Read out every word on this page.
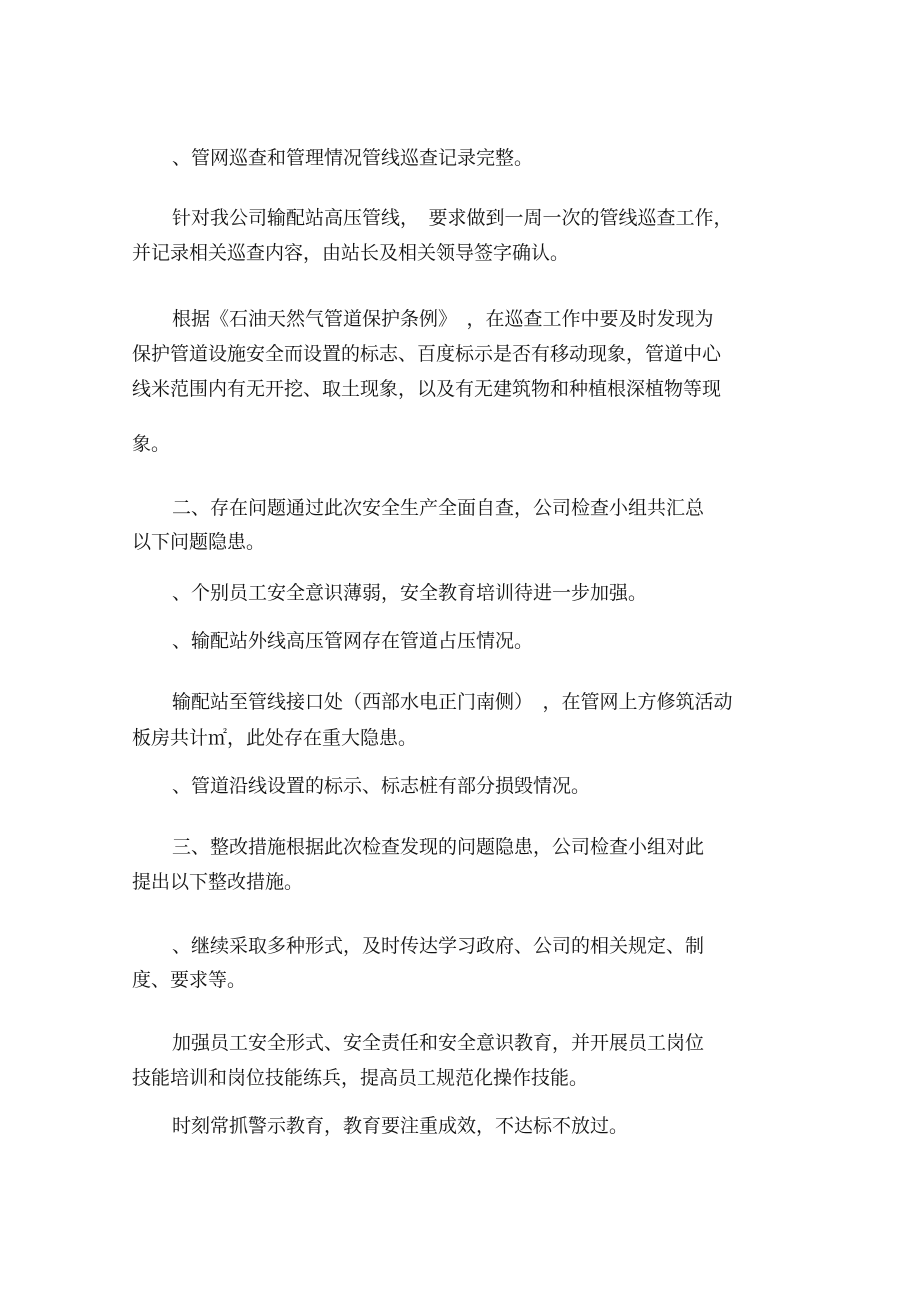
、管网巡查和管理情况管线巡查记录完整。
针对我公司输配站高压管线，　要求做到一周一次的管线巡查工作，
并记录相关巡查内容，由站长及相关领导签字确认。
根据《石油天然气管道保护条例》　，在巡查工作中要及时发现为
保护管道设施安全而设置的标志、百度标示是否有移动现象，管道中心
线米范围内有无开挖、取土现象，以及有无建筑物和种植根深植物等现
象。
二、存在问题通过此次安全生产全面自查，公司检查小组共汇总
以下问题隐患。
、个别员工安全意识薄弱，安全教育培训待进一步加强。
、输配站外线高压管网存在管道占压情况。
输配站至管线接口处（西部水电正门南侧）　，在管网上方修筑活动
板房共计㎡，此处存在重大隐患。
、管道沿线设置的标示、标志桩有部分损毁情况。
三、整改措施根据此次检查发现的问题隐患，公司检查小组对此
提出以下整改措施。
、继续采取多种形式，及时传达学习政府、公司的相关规定、制
度、要求等。
加强员工安全形式、安全责任和安全意识教育，并开展员工岗位
技能培训和岗位技能练兵，提高员工规范化操作技能。
时刻常抓警示教育，教育要注重成效，不达标不放过。
